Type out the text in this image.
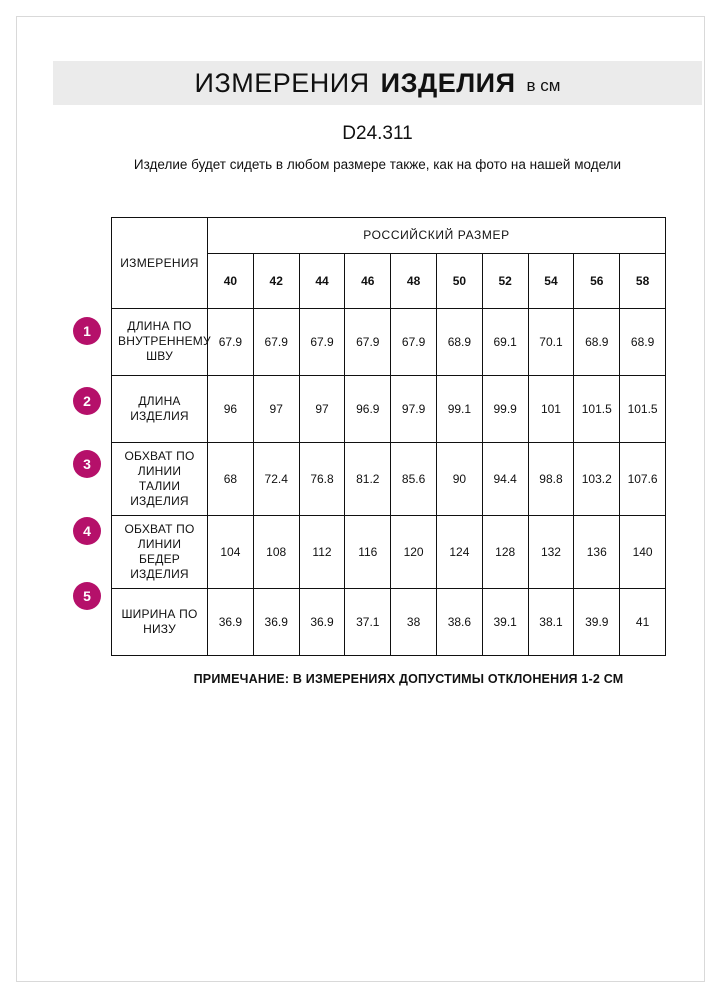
ИЗМЕРЕНИЯ ИЗДЕЛИЯ в см
D24.311
Изделие будет сидеть в любом размере также, как на фото на нашей модели
1
2
3
4
5
ИЗМЕРЕНИЯ	РОССИЙСКИЙ РАЗМЕР									
	40	42	44	46	48	50	52	54	56	58
ДЛИНА ПО ВНУТРЕННЕМУ ШВУ	67.9	67.9	67.9	67.9	67.9	68.9	69.1	70.1	68.9	68.9
ДЛИНА ИЗДЕЛИЯ	96	97	97	96.9	97.9	99.1	99.9	101	101.5	101.5
ОБХВАТ ПО ЛИНИИ ТАЛИИ ИЗДЕЛИЯ	68	72.4	76.8	81.2	85.6	90	94.4	98.8	103.2	107.6
ОБХВАТ ПО ЛИНИИ БЕДЕР ИЗДЕЛИЯ	104	108	112	116	120	124	128	132	136	140
ШИРИНА ПО НИЗУ	36.9	36.9	36.9	37.1	38	38.6	39.1	38.1	39.9	41
ПРИМЕЧАНИЕ: В ИЗМЕРЕНИЯХ ДОПУСТИМЫ ОТКЛОНЕНИЯ 1-2 СМ
